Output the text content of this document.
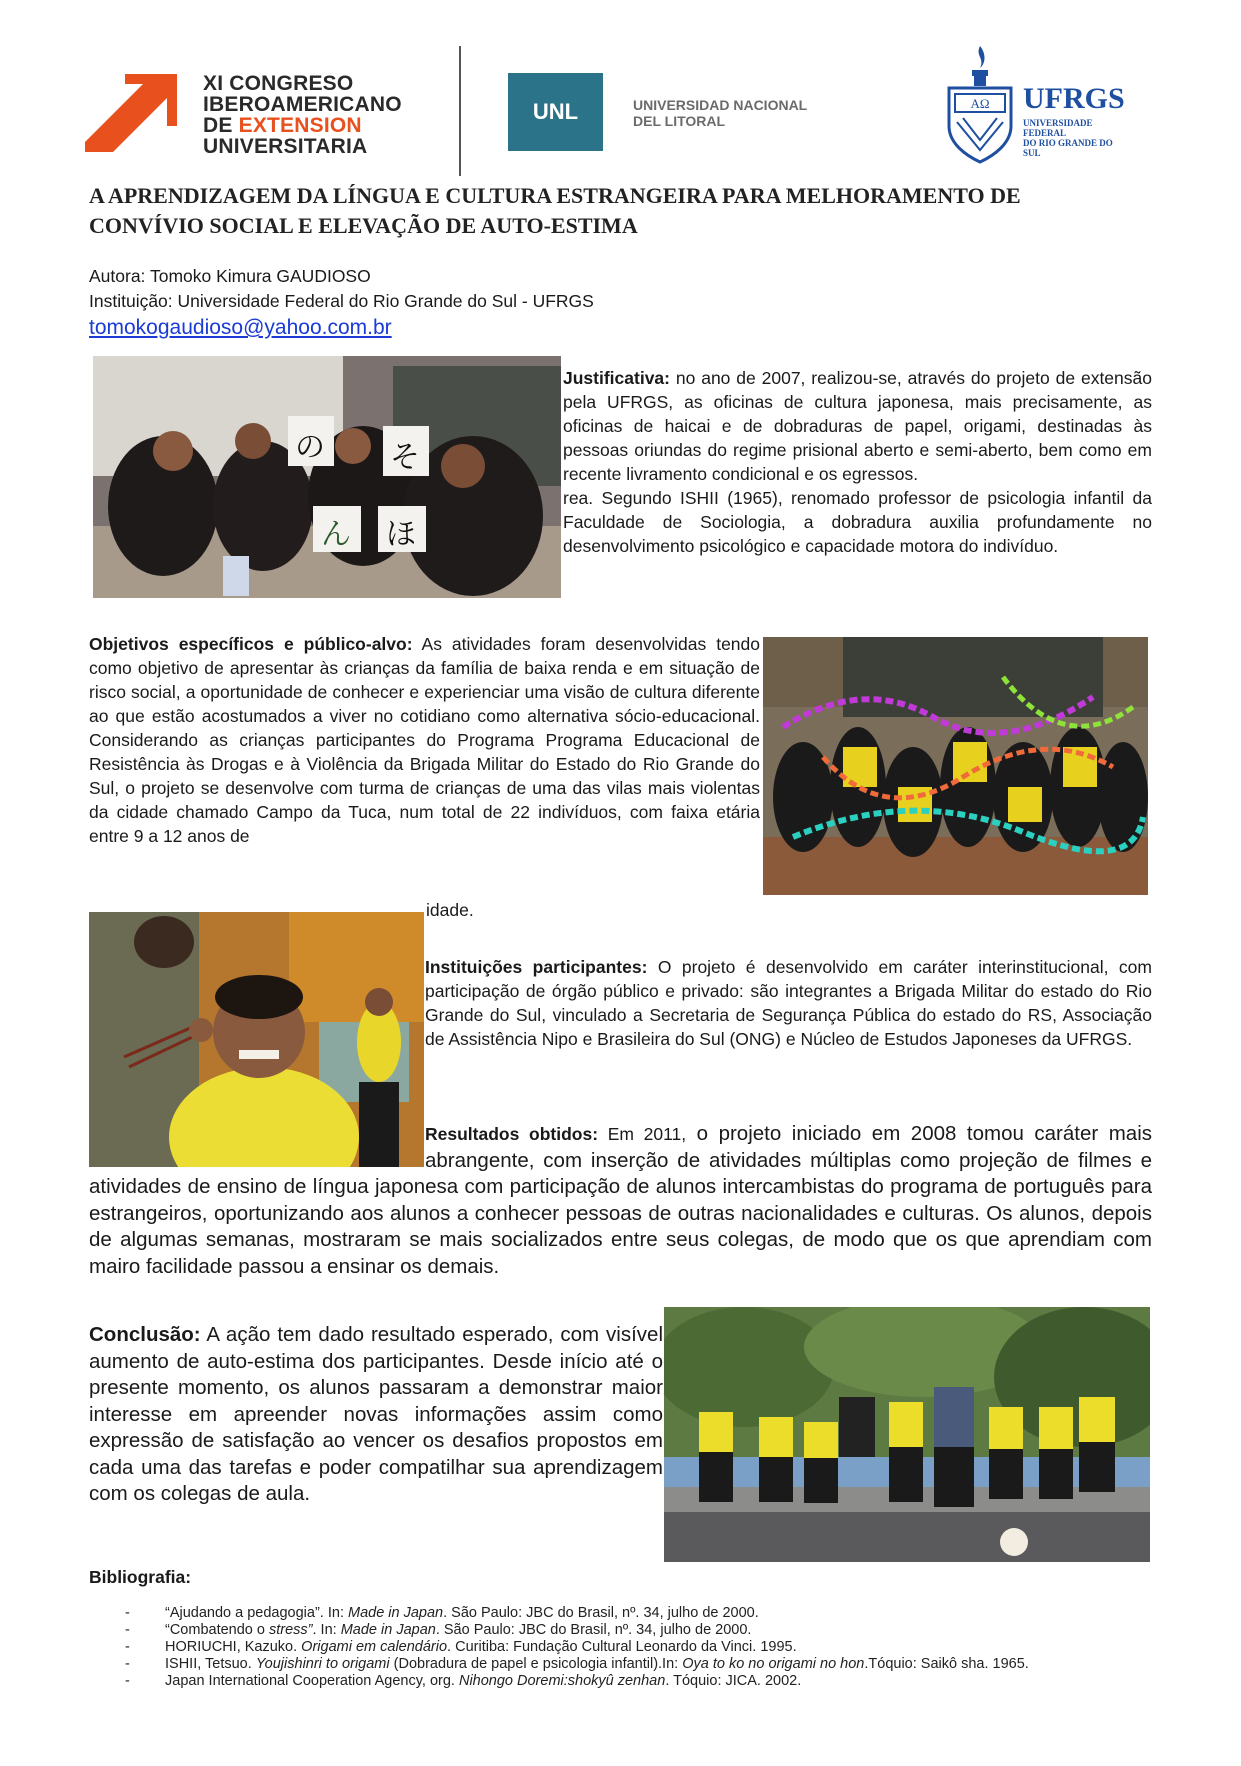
XI CONGRESO
IBEROAMERICANO
DE EXTENSION
UNIVERSITARIA
UNL	UNIVERSIDAD NACIONAL
DEL LITORAL
AΩ UFRGS
UNIVERSIDADE FEDERAL
DO RIO GRANDE DO SUL
A APRENDIZAGEM DA LÍNGUA E CULTURA ESTRANGEIRA PARA MELHORAMENTO DE
CONVÍVIO SOCIAL E ELEVAÇÃO DE AUTO-ESTIMA
Autora: Tomoko Kimura GAUDIOSO
Instituição: Universidade Federal do Rio Grande do Sul - UFRGS
tomokogaudioso@yahoo.com.br
の そ
ん ほ
Justificativa: no ano de 2007, realizou-se, através do projeto de extensão pela UFRGS, as oficinas de cultura japonesa, mais precisamente, as oficinas de haicai e de dobraduras de papel, origami, destinadas às pessoas oriundas do regime prisional aberto e semi-aberto, bem como em recente livramento condicional e os egressos.
rea. Segundo ISHII (1965), renomado professor de psicologia infantil da Faculdade de Sociologia, a dobradura auxilia profundamente no desenvolvimento psicológico e capacidade motora do indivíduo.
Objetivos específicos e público-alvo: As atividades foram desenvolvidas tendo como objetivo de apresentar às crianças da família de baixa renda e em situação de risco social, a oportunidade de conhecer e experienciar uma visão de cultura diferente ao que estão acostumados a viver no cotidiano como alternativa sócio-educacional. Considerando as crianças participantes do Programa Programa Educacional de Resistência às Drogas e à Violência da Brigada Militar do Estado do Rio Grande do Sul, o projeto se desenvolve com turma de crianças de uma das vilas mais violentas da cidade chamado Campo da Tuca, num total de 22 indivíduos, com faixa etária entre 9 a 12 anos de
idade.
Instituições participantes: O projeto é desenvolvido em caráter interinstitucional, com participação de órgão público e privado: são integrantes a Brigada Militar do estado do Rio Grande do Sul, vinculado a Secretaria de Segurança Pública do estado do RS, Associação de Assistência Nipo e Brasileira do Sul (ONG) e Núcleo de Estudos Japoneses da UFRGS.
Resultados obtidos: Em 2011, o projeto iniciado em 2008 tomou caráter mais abrangente, com inserção de atividades múltiplas como projeção de filmes e atividades de ensino de língua japonesa com participação de alunos intercambistas do programa de português para estrangeiros, oportunizando aos alunos a conhecer pessoas de outras nacionalidades e culturas. Os alunos, depois de algumas semanas, mostraram se mais socializados entre seus colegas, de modo que os que aprendiam com mairo facilidade passou a ensinar os demais.
Conclusão: A ação tem dado resultado esperado, com visível aumento de auto-estima dos participantes. Desde início até o presente momento, os alunos passaram a demonstrar maior interesse em apreender novas informações assim como expressão de satisfação ao vencer os desafios propostos em cada uma das tarefas e poder compatilhar sua aprendizagem com os colegas de aula.
Bibliografia:

- “Ajudando a pedagogia”. In: Made in Japan. São Paulo: JBC do Brasil, nº. 34, julho de 2000.

- “Combatendo o stress”. In: Made in Japan. São Paulo: JBC do Brasil, nº. 34, julho de 2000.

- HORIUCHI, Kazuko. Origami em calendário. Curitiba: Fundação Cultural Leonardo da Vinci. 1995.

- ISHII, Tetsuo. Youjishinri to origami (Dobradura de papel e psicologia infantil).In: Oya to ko no origami no hon.Tóquio: Saikô sha. 1965.

- Japan International Cooperation Agency, org. Nihongo Doremi:shokyû zenhan. Tóquio: JICA. 2002.
